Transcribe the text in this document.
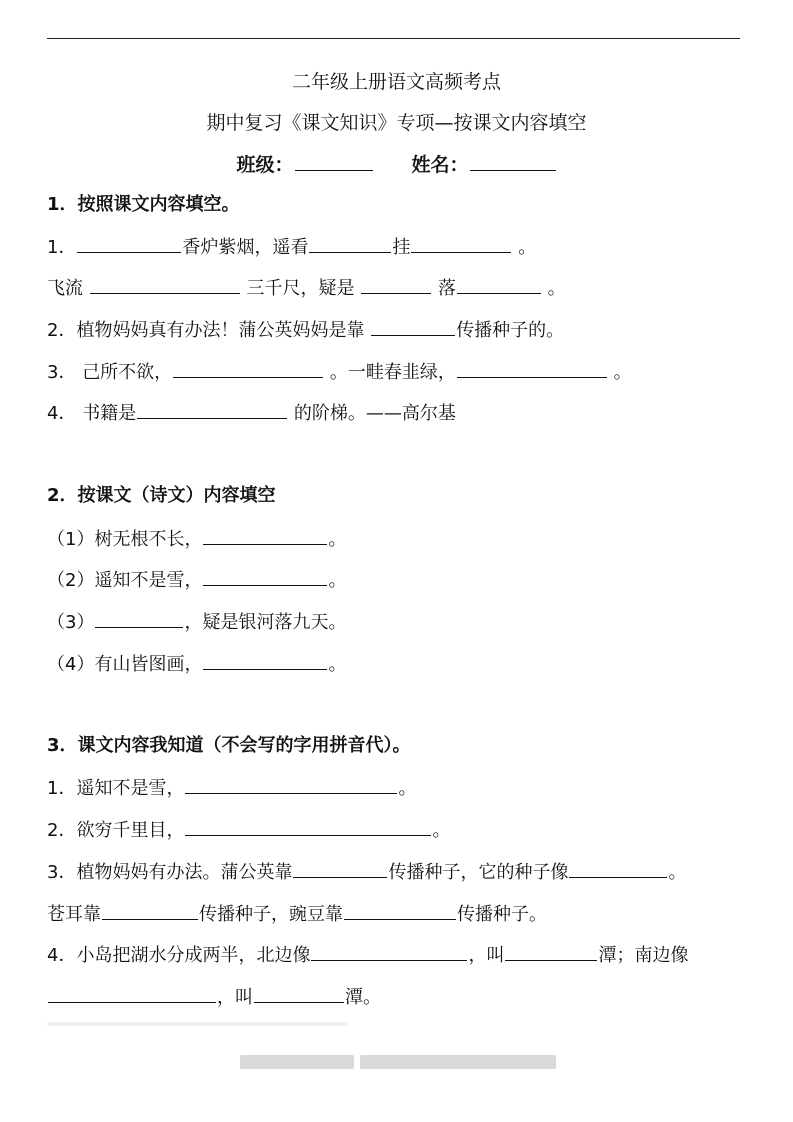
二年级上册语文高频考点
期中复习《课文知识》专项—按课文内容填空
班级：	姓名：
1．按照课文内容填空。
1．	香炉紫烟，遥看	挂	。
飞流	三千尺，疑是	落	。
2．植物妈妈真有办法！蒲公英妈妈是靠	传播种子的。
3． 己所不欲，	。一畦春韭绿，	。
4． 书籍是	的阶梯。——高尔基
2．按课文（诗文）内容填空
（1）树无根不长，	。
（2）遥知不是雪，	。
（3）	，疑是银河落九天。
（4）有山皆图画，	。
3．课文内容我知道（不会写的字用拼音代）。
1．遥知不是雪，	。
2．欲穷千里目，	。
3．植物妈妈有办法。蒲公英靠	传播种子，它的种子像	。
苍耳靠	传播种子，豌豆靠	传播种子。
4．小岛把湖水分成两半，北边像	，叫	潭；南边像
，叫	潭。
